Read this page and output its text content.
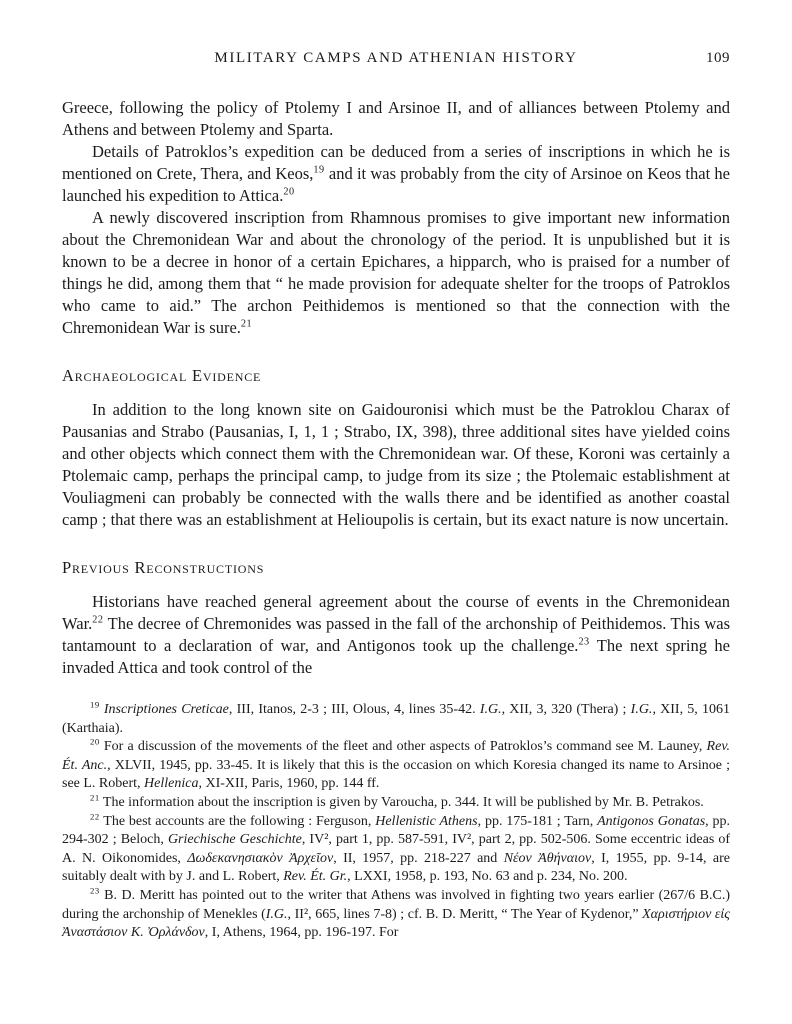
MILITARY CAMPS AND ATHENIAN HISTORY	109

Greece, following the policy of Ptolemy I and Arsinoe II, and of alliances between Ptolemy and Athens and between Ptolemy and Sparta.

Details of Patroklos’s expedition can be deduced from a series of inscriptions in which he is mentioned on Crete, Thera, and Keos,$^{19}$ and it was probably from the city of Arsinoe on Keos that he launched his expedition to Attica.$^{20}$

A newly discovered inscription from Rhamnous promises to give important new information about the Chremonidean War and about the chronology of the period. It is unpublished but it is known to be a decree in honor of a certain Epichares, a hipparch, who is praised for a number of things he did, among them that “ he made provision for adequate shelter for the troops of Patroklos who came to aid.” The archon Peithidemos is mentioned so that the connection with the Chremonidean War is sure.$^{21}$

Archaeological Evidence

In addition to the long known site on Gaidouronisi which must be the Patroklou Charax of Pausanias and Strabo (Pausanias, I, 1, 1 ; Strabo, IX, 398), three additional sites have yielded coins and other objects which connect them with the Chremonidean war. Of these, Koroni was certainly a Ptolemaic camp, perhaps the principal camp, to judge from its size ; the Ptolemaic establishment at Vouliagmeni can probably be connected with the walls there and be identified as another coastal camp ; that there was an establishment at Helioupolis is certain, but its exact nature is now uncertain.

Previous Reconstructions

Historians have reached general agreement about the course of events in the Chremonidean War.$^{22}$ The decree of Chremonides was passed in the fall of the archonship of Peithidemos. This was tantamount to a declaration of war, and Antigonos took up the challenge.$^{23}$ The next spring he invaded Attica and took control of the

$^{19}$ Inscriptiones Creticae, III, Itanos, 2-3 ; III, Olous, 4, lines 35-42. I.G., XII, 3, 320 (Thera) ; I.G., XII, 5, 1061 (Karthaia).

$^{20}$ For a discussion of the movements of the fleet and other aspects of Patroklos’s command see M. Launey, Rev. Ét. Anc., XLVII, 1945, pp. 33-45. It is likely that this is the occasion on which Koresia changed its name to Arsinoe ; see L. Robert, Hellenica, XI-XII, Paris, 1960, pp. 144 ff.

$^{21}$ The information about the inscription is given by Varoucha, p. 344. It will be published by Mr. B. Petrakos.

$^{22}$ The best accounts are the following : Ferguson, Hellenistic Athens, pp. 175-181 ; Tarn, Antigonos Gonatas, pp. 294-302 ; Beloch, Griechische Geschichte, IV², part 1, pp. 587-591, IV², part 2, pp. 502-506. Some eccentric ideas of A. N. Oikonomides, Δωδεκανησιακὸν Ἀρχεῖον, II, 1957, pp. 218-227 and Νέον Ἀθήναιον, I, 1955, pp. 9-14, are suitably dealt with by J. and L. Robert, Rev. Ét. Gr., LXXI, 1958, p. 193, No. 63 and p. 234, No. 200.

$^{23}$ B. D. Meritt has pointed out to the writer that Athens was involved in fighting two years earlier (267/6 B.C.) during the archonship of Menekles (I.G., II², 665, lines 7-8) ; cf. B. D. Meritt, “ The Year of Kydenor,” Χαριστήριον εἰς Ἀναστάσιον Κ. Ὀρλάνδον, I, Athens, 1964, pp. 196-197. For
